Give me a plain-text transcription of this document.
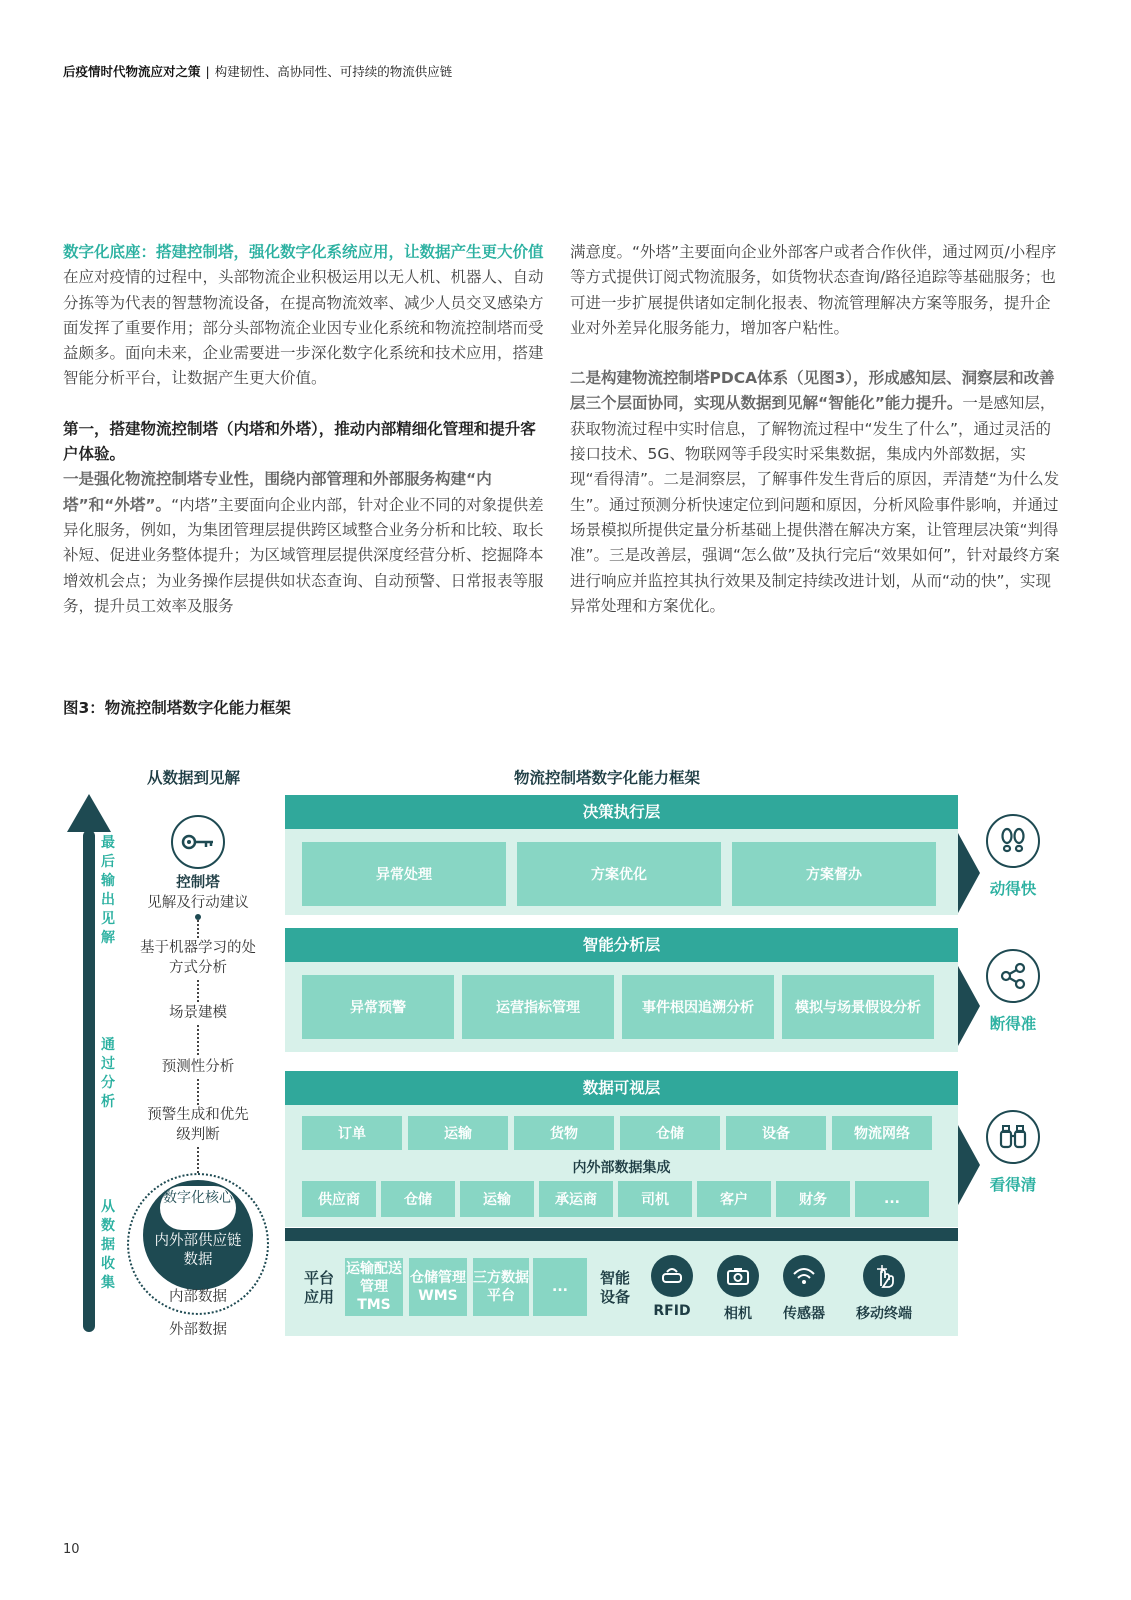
后疫情时代物流应对之策 | 构建韧性、高协同性、可持续的物流供应链
数字化底座：搭建控制塔，强化数字化系统应用，让数据产生更大价值
在应对疫情的过程中，头部物流企业积极运用以无人机、机器人、自动分拣等为代表的智慧物流设备，在提高物流效率、减少人员交叉感染方面发挥了重要作用；部分头部物流企业因专业化系统和物流控制塔而受益颇多。面向未来，企业需要进一步深化数字化系统和技术应用，搭建智能分析平台，让数据产生更大价值。
第一，搭建物流控制塔（内塔和外塔），推动内部精细化管理和提升客户体验。
一是强化物流控制塔专业性，围绕内部管理和外部服务构建“内塔”和“外塔”。“内塔”主要面向企业内部，针对企业不同的对象提供差异化服务，例如，为集团管理层提供跨区域整合业务分析和比较、取长补短、促进业务整体提升；为区域管理层提供深度经营分析、挖掘降本增效机会点；为业务操作层提供如状态查询、自动预警、日常报表等服务，提升员工效率及服务
满意度。“外塔”主要面向企业外部客户或者合作伙伴，通过网页/小程序等方式提供订阅式物流服务，如货物状态查询/路径追踪等基础服务；也可进一步扩展提供诸如定制化报表、物流管理解决方案等服务，提升企业对外差异化服务能力，增加客户粘性。
二是构建物流控制塔PDCA体系（见图3），形成感知层、洞察层和改善层三个层面协同，实现从数据到见解“智能化”能力提升。一是感知层，获取物流过程中实时信息，了解物流过程中“发生了什么”，通过灵活的接口技术、5G、物联网等手段实时采集数据，集成内外部数据，实现“看得清”。二是洞察层，了解事件发生背后的原因，弄清楚“为什么发生”。通过预测分析快速定位到问题和原因，分析风险事件影响，并通过场景模拟所提供定量分析基础上提供潜在解决方案，让管理层决策“判得准”。三是改善层，强调“怎么做”及执行完后“效果如何”，针对最终方案进行响应并监控其执行效果及制定持续改进计划，从而“动的快”，实现异常处理和方案优化。
图3：物流控制塔数字化能力框架
从数据到见解	物流控制塔数字化能力框架
最后输出见解
通过分析
从数据收集
控制塔
见解及行动建议
基于机器学习的处方式分析
场景建模
预测性分析
预警生成和优先级判断
数字化核心
内外部供应链数据
内部数据
外部数据
决策执行层
异常处理	方案优化	方案督办
智能分析层
异常预警	运营指标管理	事件根因追溯分析	模拟与场景假设分析
数据可视层
订单	运输	货物	仓储	设备	物流网络
内外部数据集成
供应商	仓储	运输	承运商	司机	客户	财务	...
平台应用
运输配送管理TMS
仓储管理WMS
三方数据平台
...	智能设备
RFID	相机	传感器	移动终端
动得快
断得准
看得清
10
